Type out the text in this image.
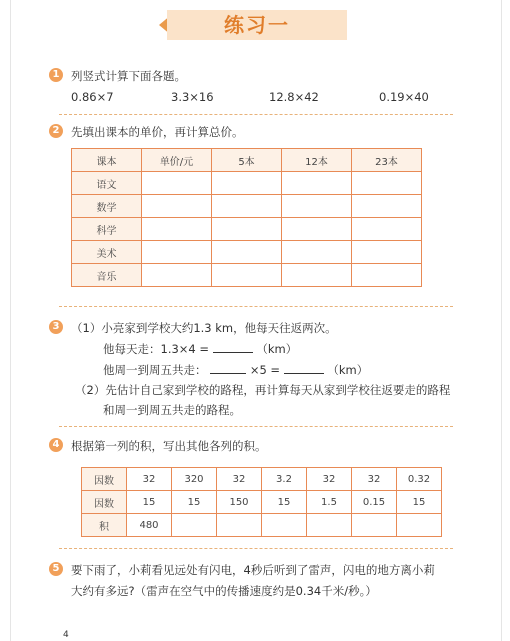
练习一
1	列竖式计算下面各题。
0.86×7	3.3×16	12.8×42	0.19×40
2	先填出课本的单价，再计算总价。
课本	单价/元	5本	12本	23本
语文				
数学				
科学				
美术				
音乐				
3	（1）小亮家到学校大约1.3 km，他每天往返两次。
他每天走：1.3×4 =	（km）
他周一到周五共走：	×5 =	（km）
（2）先估计自己家到学校的路程，再计算每天从家到学校往返要走的路程
和周一到周五共走的路程。
4	根据第一列的积，写出其他各列的积。
因数	32	320	32	3.2	32	32	0.32
因数	15	15	150	15	1.5	0.15	15
积	480						
5	要下雨了，小莉看见远处有闪电，4秒后听到了雷声，闪电的地方离小莉
大约有多远?（雷声在空气中的传播速度约是0.34千米/秒。）
4
